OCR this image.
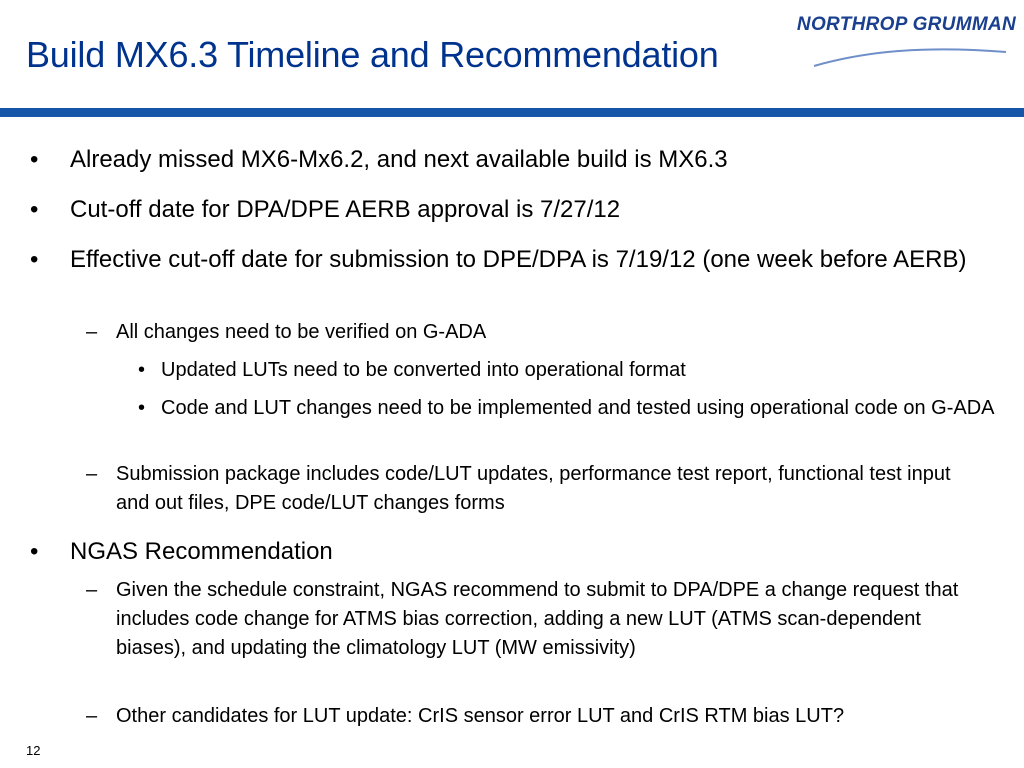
Build MX6.3 Timeline and Recommendation
NORTHROP GRUMMAN
• Already missed MX6-Mx6.2, and next available build is MX6.3
• Cut-off date for DPA/DPE AERB approval is 7/27/12
• Effective cut-off date for submission to DPE/DPA is 7/19/12 (one week before AERB)
– All changes need to be verified on G-ADA
• Updated LUTs need to be converted into operational format
• Code and LUT changes need to be implemented and tested using operational code on G-ADA
– Submission package includes code/LUT updates, performance test report, functional test input and out files, DPE code/LUT changes forms
• NGAS Recommendation
– Given the schedule constraint, NGAS recommend to submit to DPA/DPE a change request that includes code change for ATMS bias correction, adding a new LUT (ATMS scan-dependent biases), and updating the climatology LUT (MW emissivity)
– Other candidates for LUT update: CrIS sensor error LUT and CrIS RTM bias LUT?
12
